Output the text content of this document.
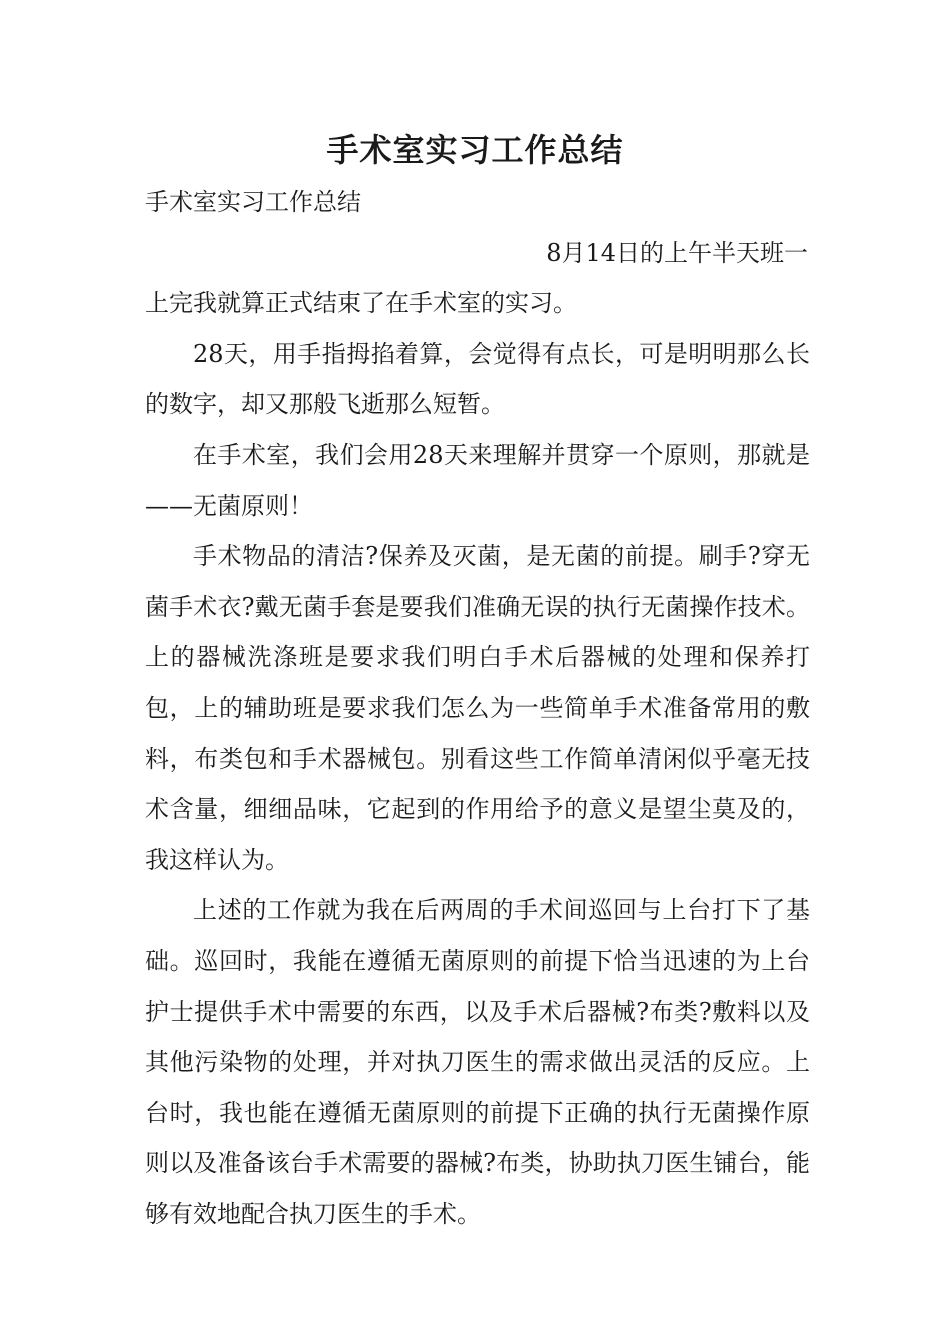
手术室实习工作总结

手术室实习工作总结

8月14日的上午半天班一

上完我就算正式结束了在手术室的实习。

28天，用手指拇掐着算，会觉得有点长，可是明明那么长的数字，却又那般飞逝那么短暂。

在手术室，我们会用28天来理解并贯穿一个原则，那就是——无菌原则！

手术物品的清洁?保养及灭菌，是无菌的前提。刷手?穿无菌手术衣?戴无菌手套是要我们准确无误的执行无菌操作技术。上的器械洗涤班是要求我们明白手术后器械的处理和保养打包，上的辅助班是要求我们怎么为一些简单手术准备常用的敷料，布类包和手术器械包。别看这些工作简单清闲似乎毫无技术含量，细细品味，它起到的作用给予的意义是望尘莫及的，我这样认为。

上述的工作就为我在后两周的手术间巡回与上台打下了基础。巡回时，我能在遵循无菌原则的前提下恰当迅速的为上台护士提供手术中需要的东西，以及手术后器械?布类?敷料以及其他污染物的处理，并对执刀医生的需求做出灵活的反应。上台时，我也能在遵循无菌原则的前提下正确的执行无菌操作原则以及准备该台手术需要的器械?布类，协助执刀医生铺台，能够有效地配合执刀医生的手术。
